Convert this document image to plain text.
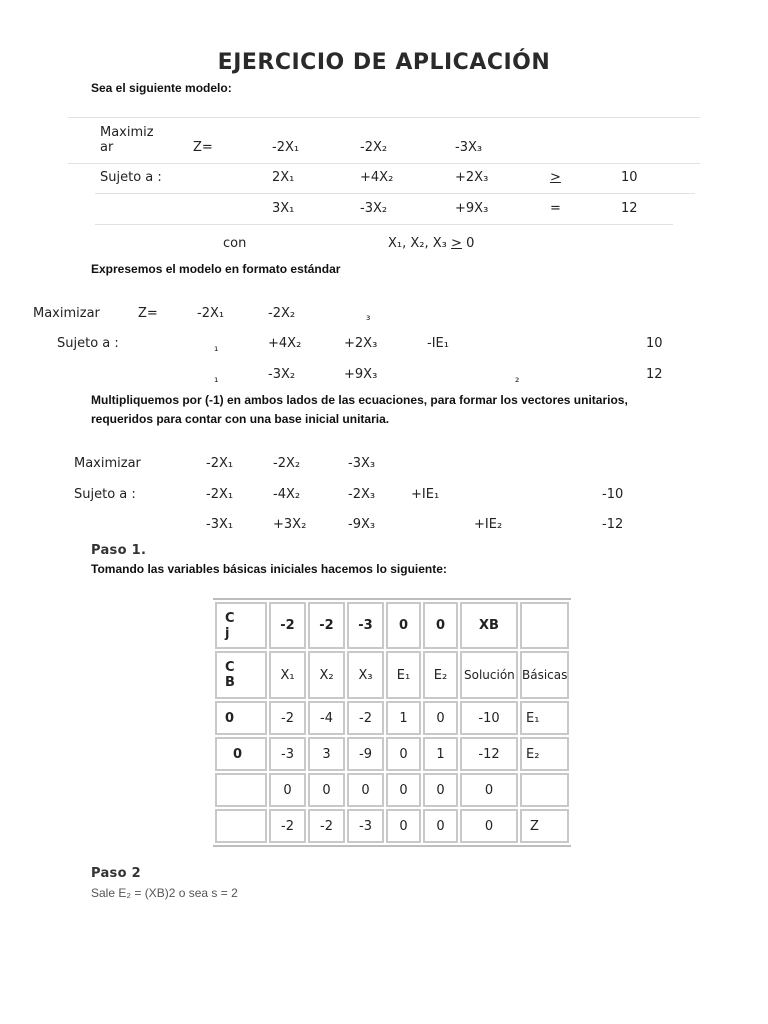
EJERCICIO DE APLICACIÓN
Sea el siguiente modelo:
Maximiz
ar	Z=	-2X₁	-2X₂	-3X₃
Sujeto a :	2X₁	+4X₂	+2X₃	>	10
3X₁	-3X₂	+9X₃	=	12
con	X₁, X₂, X₃ > 0
Expresemos el modelo en formato estándar
Maximizar	Z=	-2X₁	-2X₂	₃
Sujeto a :	₁	+4X₂	+2X₃	-IE₁	10
₁	-3X₂	+9X₃	₂	12
Multipliquemos por (-1) en ambos lados de las ecuaciones, para formar los vectores unitarios,
requeridos para contar con una base inicial unitaria.
Maximizar	-2X₁	-2X₂	-3X₃
Sujeto a :	-2X₁	-4X₂	-2X₃	+IE₁	-10
-3X₁	+3X₂	-9X₃	+IE₂	-12
Paso 1.
Tomando las variables básicas iniciales hacemos lo siguiente:
C
j	-2	-2	-3	0	0	XB	

C
B	X₁	X₂	X₃	E₁	E₂	Solución	Básicas
0	-2	-4	-2	1	0	-10	E₁
0	-3	3	-9	0	1	-12	E₂
	0	0	0	0	0	0	
	-2	-2	-3	0	0	0	Z
Paso 2
Sale E₂ = (XB)2 o sea s = 2
